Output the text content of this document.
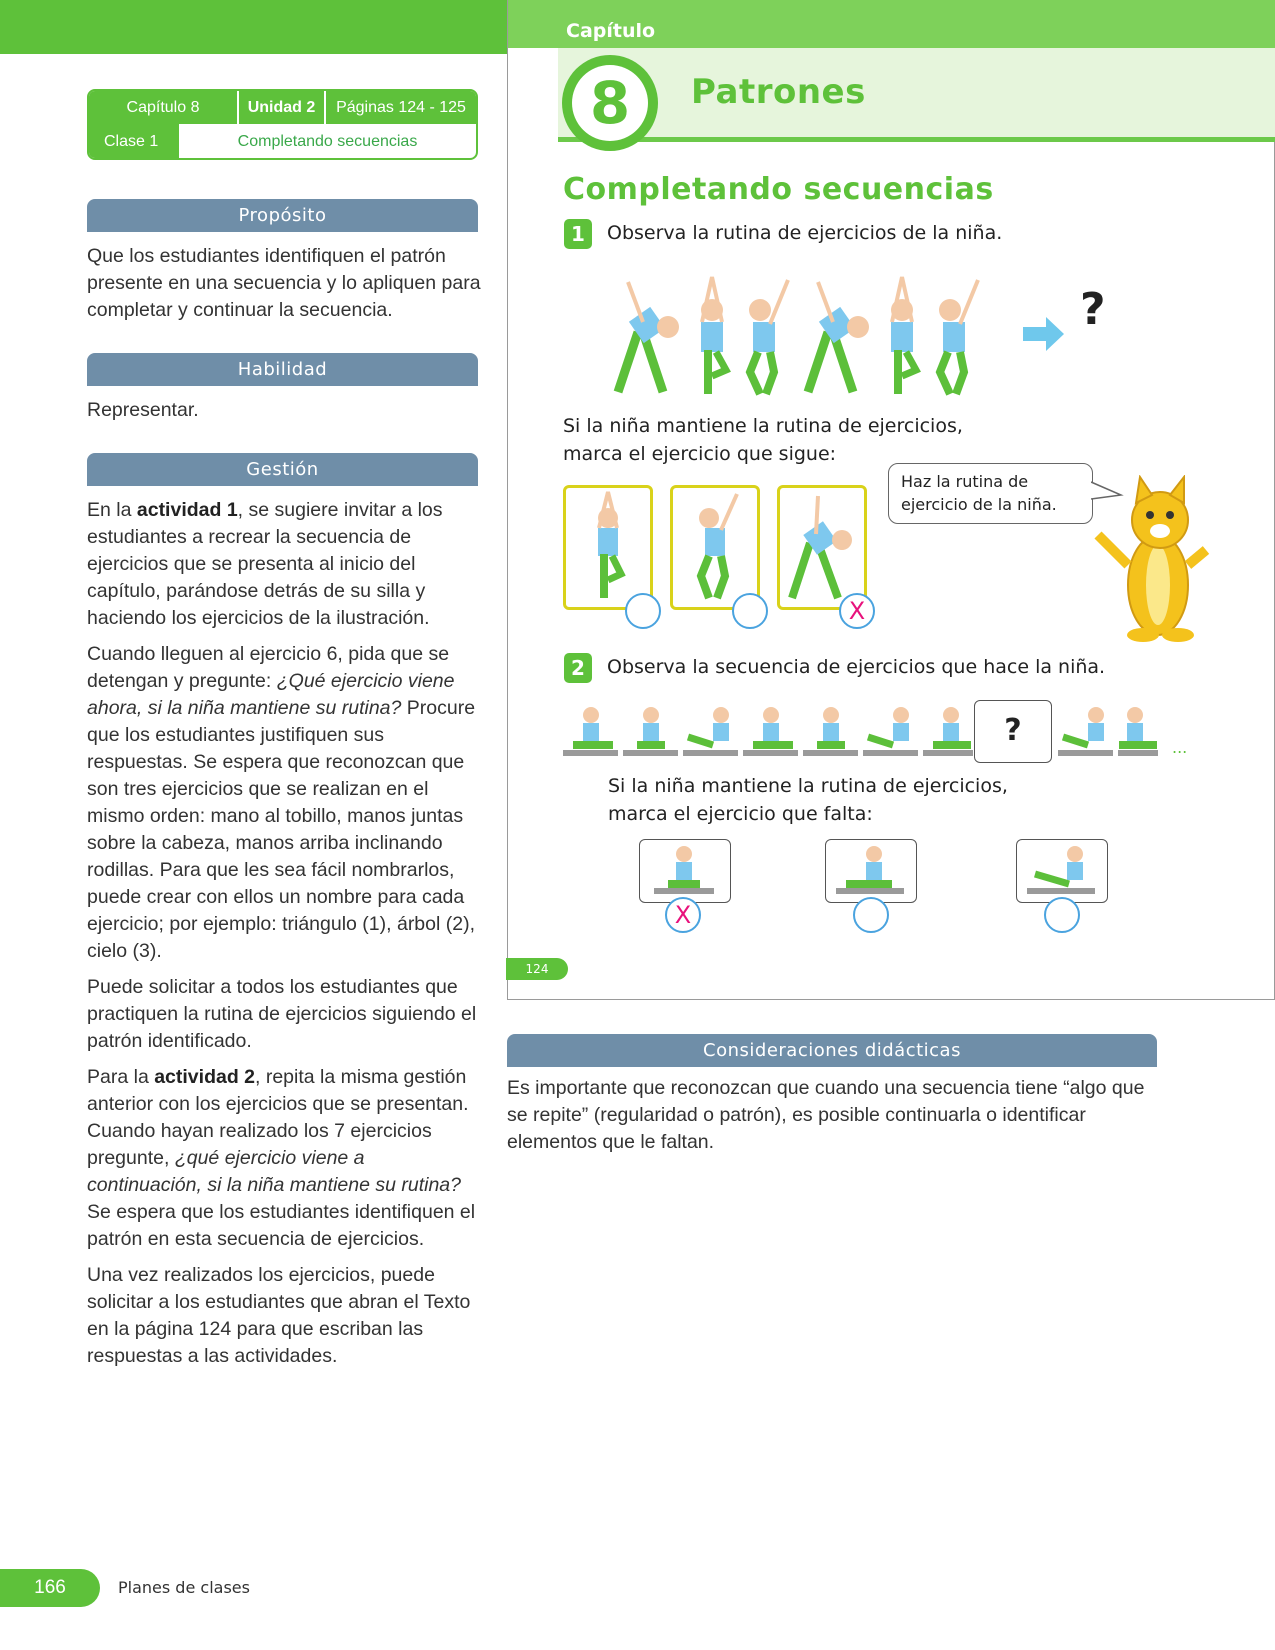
Capítulo 8	Unidad 2	Páginas 124 - 125
Clase 1	Completando secuencias
Propósito
Que los estudiantes identifiquen el patrón presente en una secuencia y lo apliquen para completar y continuar la secuencia.
Habilidad
Representar.
Gestión

En la actividad 1, se sugiere invitar a los estudiantes a recrear la secuencia de ejercicios que se presenta al inicio del capítulo, parándose detrás de su silla y haciendo los ejercicios de la ilustración.

Cuando lleguen al ejercicio 6, pida que se detengan y pregunte: ¿Qué ejercicio viene ahora, si la niña mantiene su rutina? Procure que los estudiantes justifiquen sus respuestas. Se espera que reconozcan que son tres ejercicios que se realizan en el mismo orden: mano al tobillo, manos juntas sobre la cabeza, manos arriba inclinando rodillas. Para que les sea fácil nombrarlos, puede crear con ellos un nombre para cada ejercicio; por ejemplo: triángulo (1), árbol (2), cielo (3).

Puede solicitar a todos los estudiantes que practiquen la rutina de ejercicios siguiendo el patrón identificado.

Para la actividad 2, repita la misma gestión anterior con los ejercicios que se presentan. Cuando hayan realizado los 7 ejercicios pregunte, ¿qué ejercicio viene a continuación, si la niña mantiene su rutina? Se espera que los estudiantes identifiquen el patrón en esta secuencia de ejercicios.

Una vez realizados los ejercicios, puede solicitar a los estudiantes que abran el Texto en la página 124 para que escriban las respuestas a las actividades.

166	Planes de clases
Capítulo
8	Patrones
Completando secuencias
1	Observa la rutina de ejercicios de la niña.
?
Si la niña mantiene la rutina de ejercicios,
marca el ejercicio que sigue:
X
Haz la rutina de
ejercicio de la niña.
2	Observa la secuencia de ejercicios que hace la niña.
?	...
Si la niña mantiene la rutina de ejercicios,
marca el ejercicio que falta:
X
124
Consideraciones didácticas
Es importante que reconozcan que cuando una secuencia tiene “algo que se repite” (regularidad o patrón), es posible continuarla o identificar elementos que le faltan.
